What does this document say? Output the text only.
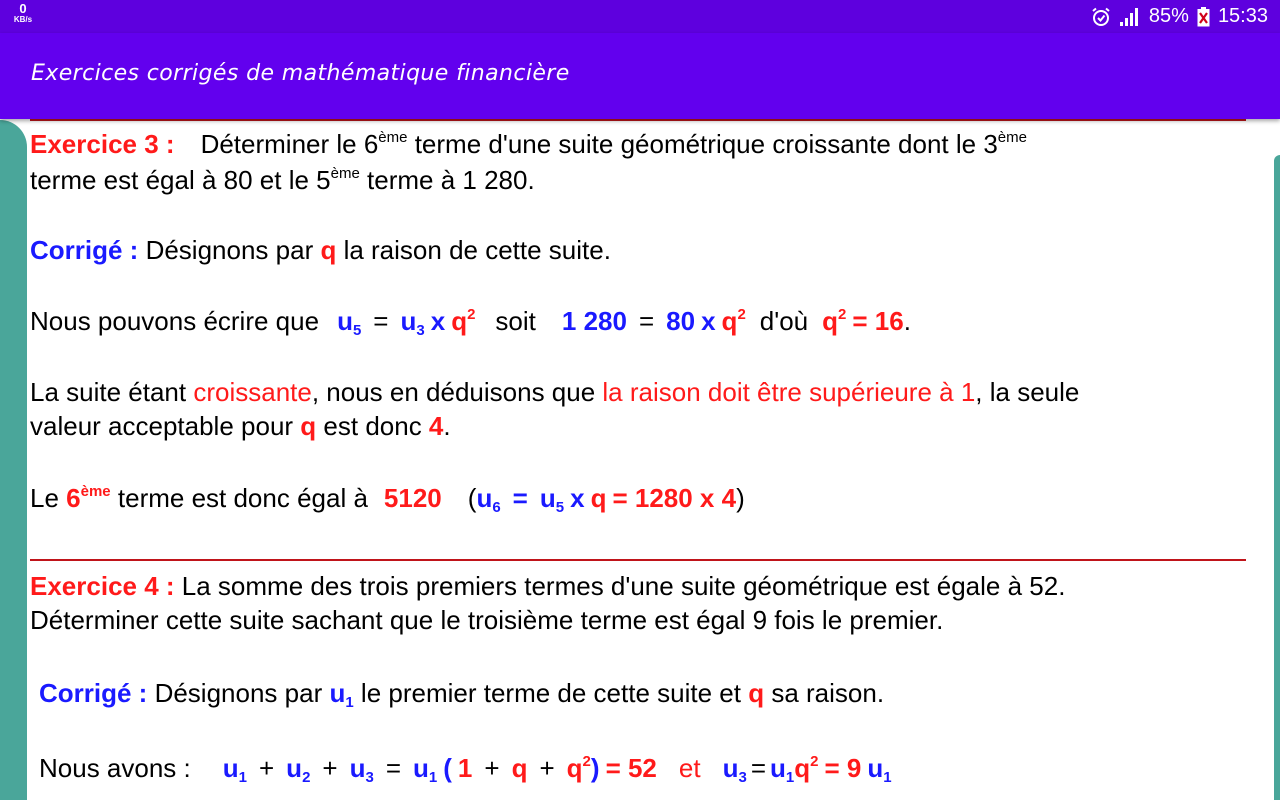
0
KB/s	85% 15:33
Exercices corrigés de mathématique financière
Exercice 3 : Déterminer le 6ème terme d'une suite géométrique croissante dont le 3ème
terme est égal à 80 et le 5ème terme à 1 280.
Corrigé : Désignons par q la raison de cette suite.
Nous pouvons écrire que $u_5 = u_3$ x $q^2$ soit 1 280 = 80 x $q^2$ d'où $q^2 = 16$.
La suite étant croissante, nous en déduisons que la raison doit être supérieure à 1, la seule
valeur acceptable pour q est donc 4.
Le 6ème terme est donc égal à 5120 ($u_6 = u_5$ x q = 1280 x 4)
Exercice 4 : La somme des trois premiers termes d'une suite géométrique est égale à 52.
Déterminer cette suite sachant que le troisième terme est égal 9 fois le premier.
Corrigé : Désignons par $u_1$ le premier terme de cette suite et q sa raison.
Nous avons : $u_1 + u_2 + u_3 = u_1$ ( $1 + q + q^2) = 52$ et $u_3 = u_1q^2 = 9$ $u_1$
